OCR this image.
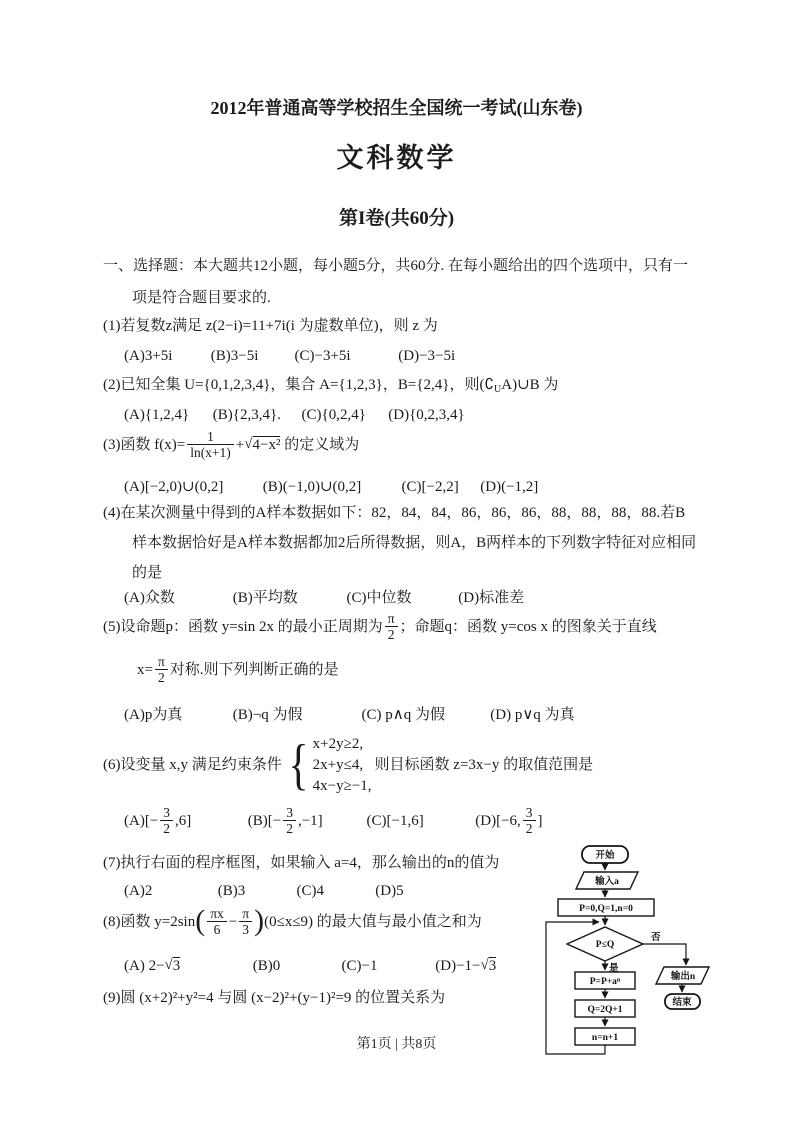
2012年普通高等学校招生全国统一考试(山东卷)
文科数学
第I卷(共60分)
一、选择题：本大题共12小题，每小题5分，共60分. 在每小题给出的四个选项中，只有一
项是符合题目要求的.
(1)若复数z满足 z(2−i)=11+7i(i 为虚数单位)，则 z 为
(A)3+5i	(B)3−5i (C)−3+5i	(D)−3−5i
(2)已知全集 U={0,1,2,3,4}，集合 A={1,2,3}，B={2,4}，则$(∁_UA)\cup B$ 为
(A){1,2,4} (B){2,3,4}. (C){0,2,4} (D){0,2,3,4}
(3)函数 $f(x)= \frac{1}{\ln(x+1)} +√4-x^2$ 的定义域为
(A)[−2,0)∪(0,2]	(B)(−1,0)∪(0,2]	(C)[−2,2] (D)(−1,2]
(4)在某次测量中得到的A样本数据如下：82，84，84，86，86，86，88，88，88，88.若B
样本数据恰好是A样本数据都加2后所得数据，则A，B两样本的下列数字特征对应相同
的是
(A)众数	(B)平均数	(C)中位数	(D)标准差
(5)设命题p：函数 y=sin 2x 的最小正周期为 $\frac{\pi}{2}$ ；命题q：函数 y=cos x 的图象关于直线
$x= \frac{\pi}{2}$ 对称.则下列判断正确的是
(A)p为真	(B)¬q 为假	(C) p∧q 为假	(D) p∨q 为真
(6)设变量 x,y 满足约束条件 { x+2y≥2,
2x+y≤4,
4x−y≥−1,
则目标函数 z=3x−y 的取值范围是
$(A)[- \frac{3}{2} ,6]$	$(B)[- \frac{3}{2} ,-1]$	(C)[−1,6]	(D)[−6, $\frac{3}{2}$ ]
(7)执行右面的程序框图，如果输入 a=4，那么输出的n的值为
(A)2	(B)3	(C)4	(D)5
(8)函数 $y=2\sin( \frac{\pi x}{6} - \frac{\pi}{3} )(0\le x\le 9)$ 的最大值与最小值之和为
(A) 2−√3	(B)0	(C)−1	(D)−1−√3
(9)圆 (x+2)²+y²=4 与圆 (x−2)²+(y−1)²=9 的位置关系为
开始
输入a
P=0,Q=1,n=0
P≤Q
否
是
P=P+aⁿ
Q=2Q+1
n=n+1
输出n
结束
第1页 | 共8页
